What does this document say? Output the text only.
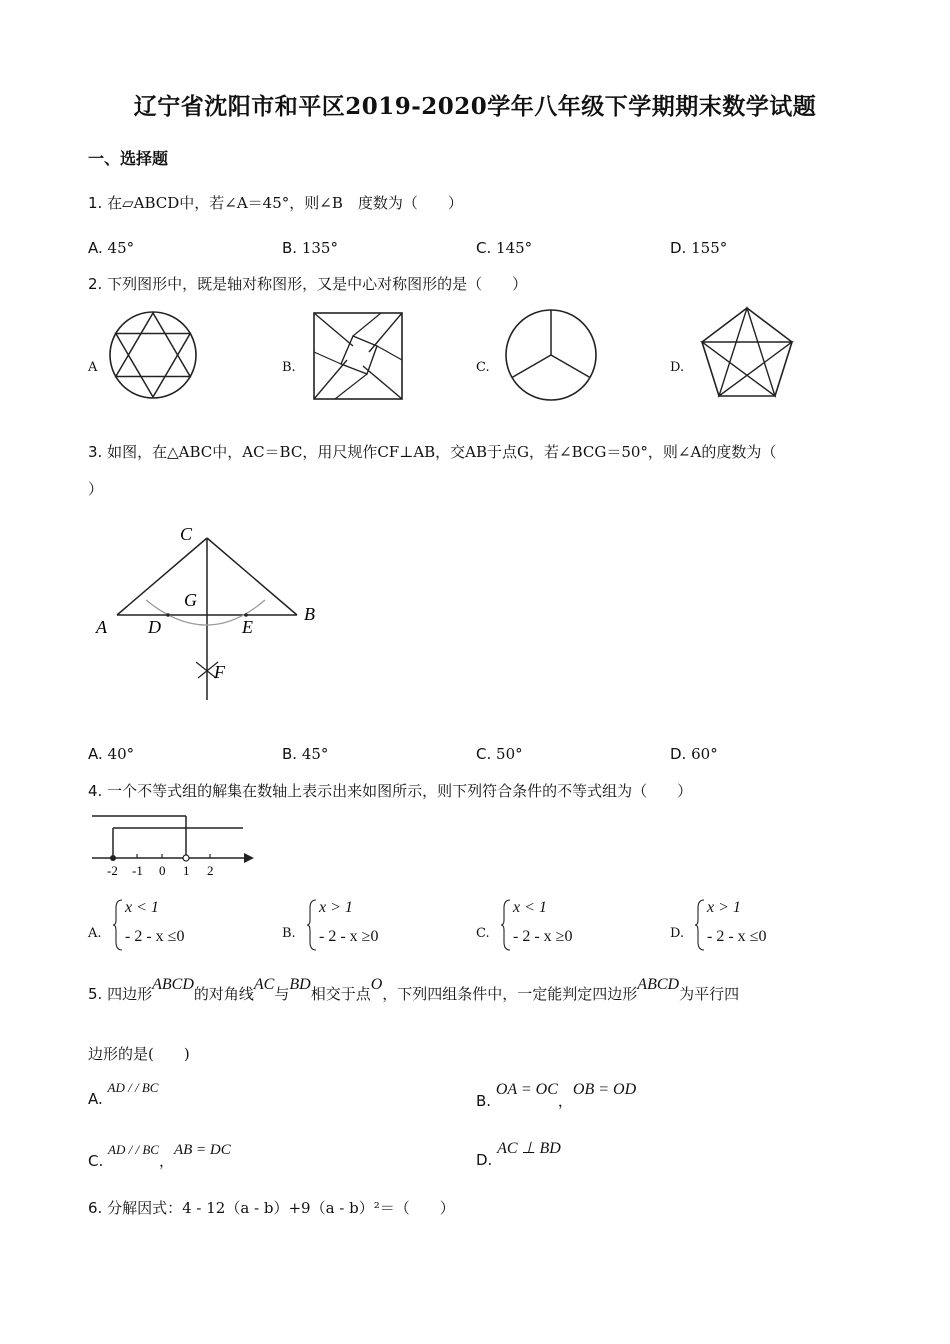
辽宁省沈阳市和平区2019-2020学年八年级下学期期末数学试题
一、选择题
1. 在▱ABCD中，若∠A＝45°，则∠B　度数为（　　）
A. 45°	B. 135°	C. 145°	D. 155°
2. 下列图形中，既是轴对称图形，又是中心对称图形的是（　　）
A	B.	C.	D.
3. 如图，在△ABC中，AC＝BC，用尺规作CF⊥AB，交AB于点G，若∠BCG＝50°，则∠A的度数为（
）
C
G
A D	E
B
F
A. 40°	B. 45°	C. 50°	D. 60°
4. 一个不等式组的解集在数轴上表示出来如图所示，则下列符合条件的不等式组为（　　）
-2 -1 0 1 2
A.
x < 1
- 2 - x ≤0	B.
x > 1
- 2 - x ≥0	C.
x < 1
- 2 - x ≥0	D.
x > 1
- 2 - x ≤0
5. 四边形ABCD的对角线AC与BD相交于点O，下列四组条件中，一定能判定四边形ABCD为平行四
边形的是(　　)
A. AD / / BC
B. OA = OC，OB = OD
C. AD / / BC，AB = DC
D. AC ⊥ BD
6. 分解因式：4 - 12（a - b）+9（a - b）²＝（　　）
